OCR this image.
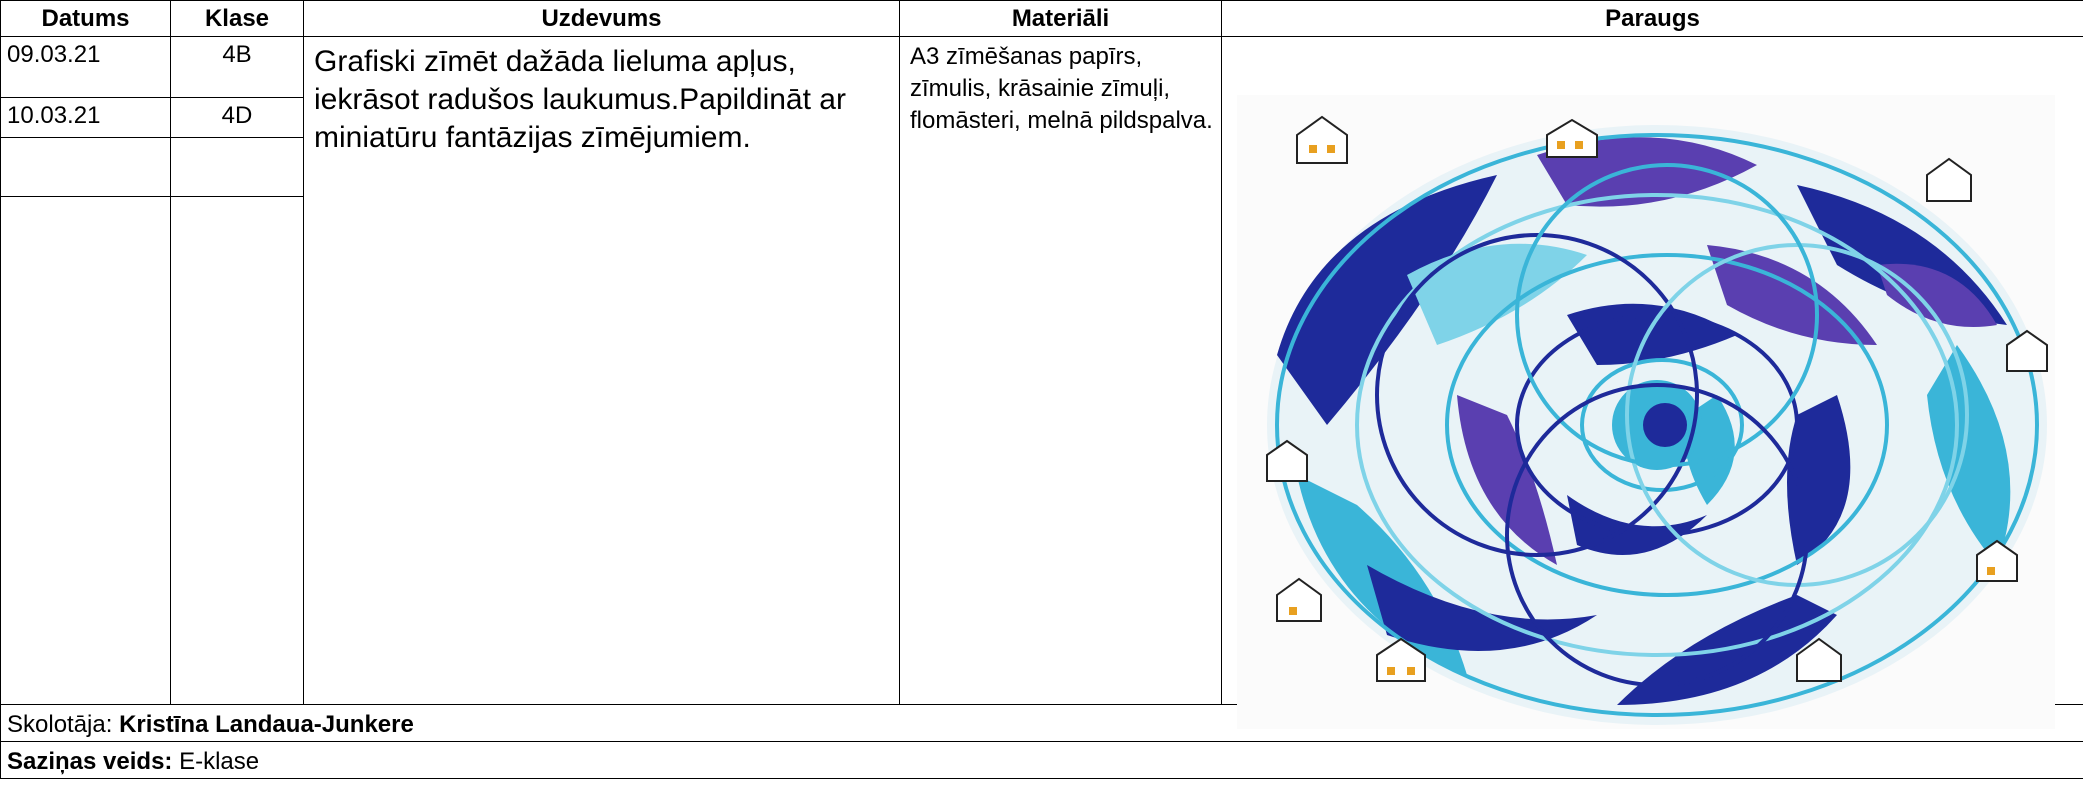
Datums	Klase	Uzdevums	Materiāli	Paraugs
09.03.21	4B	Grafiski zīmēt dažāda lieluma apļus, iekrāsot radušos laukumus.Papildināt ar miniatūru fantāzijas zīmējumiem.	A3 zīmēšanas papīrs, zīmulis, krāsainie zīmuļi, flomāsteri, melnā pildspalva.	

10.03.21	4D			

Skolotāja: Kristīna Landaua-Junkere				
Saziņas veids: E-klase				
